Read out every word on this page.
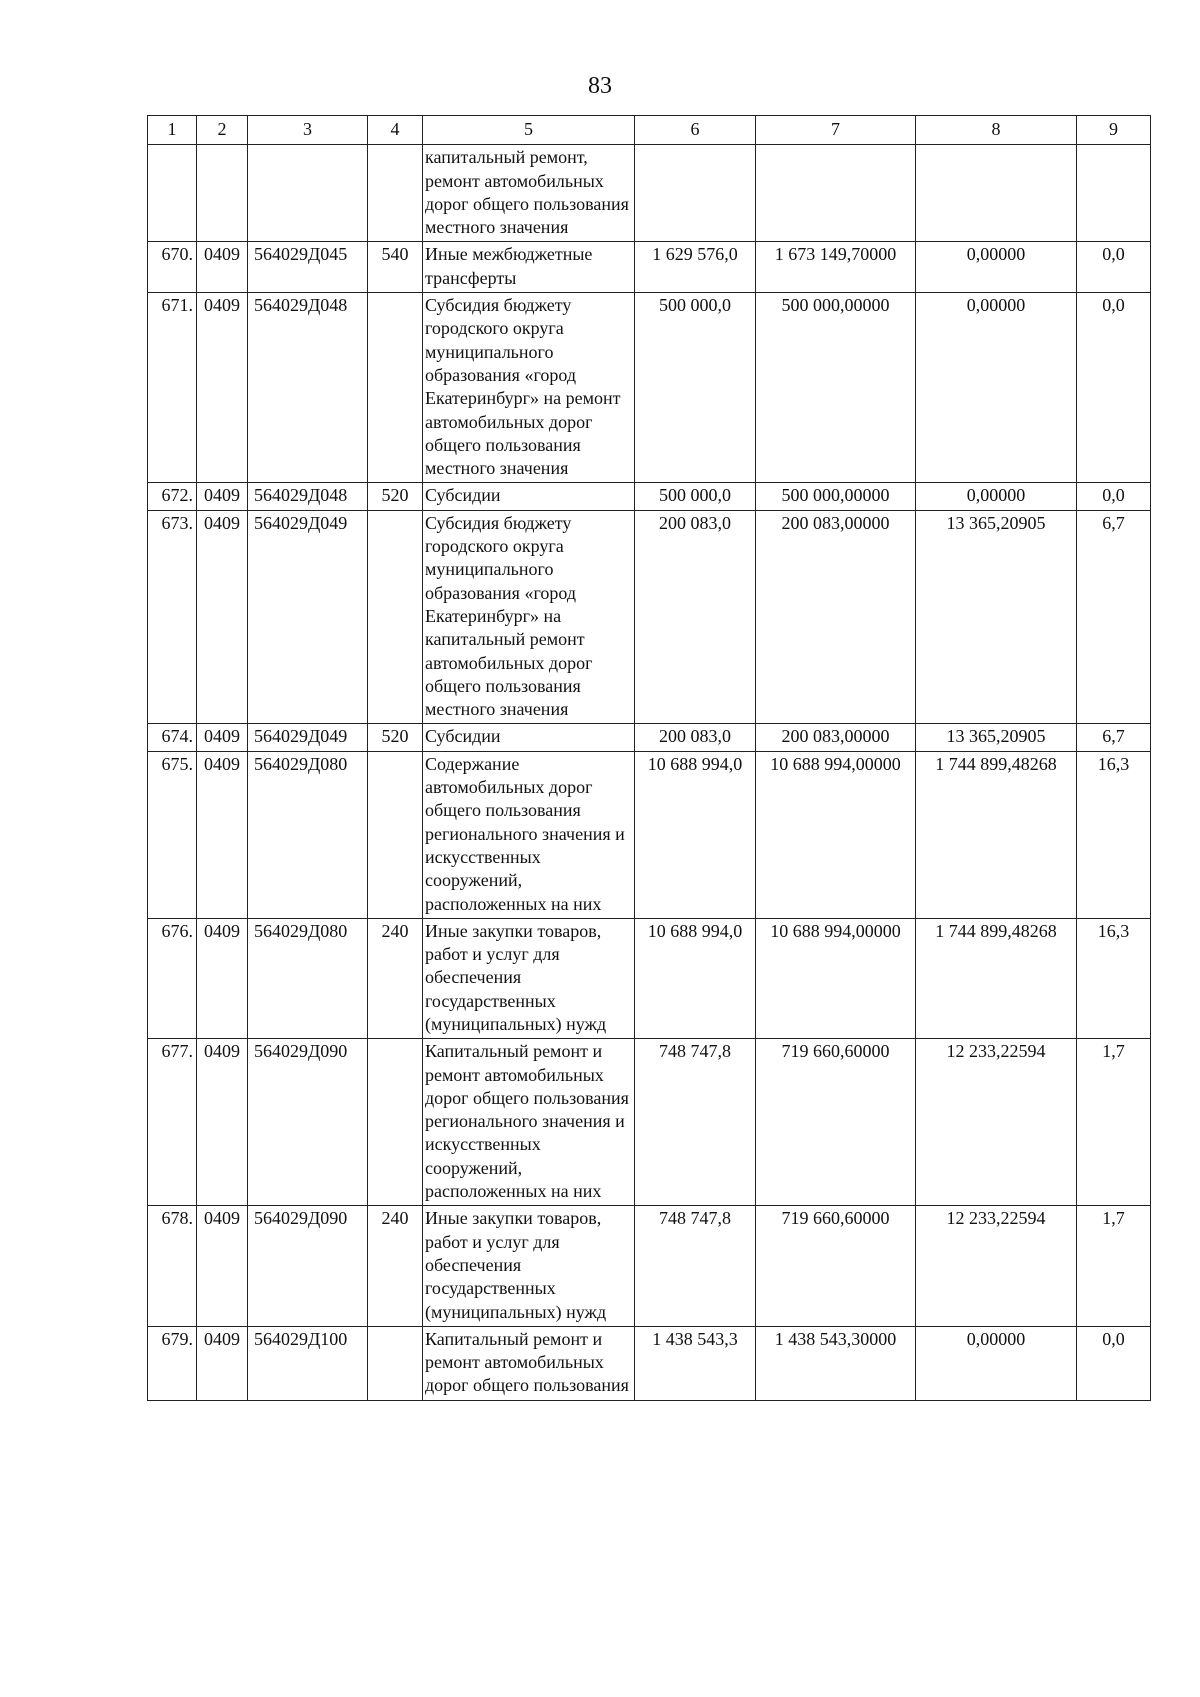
83
1	2	3	4	5	6	7	8	9
				капитальный ремонт, ремонт автомобильных дорог общего пользования местного значения				
670.	0409	564029Д045	540	Иные межбюджетные трансферты	1 629 576,0	1 673 149,70000	0,00000	0,0
671.	0409	564029Д048		Субсидия бюджету городского округа муниципального образования «город Екатеринбург» на ремонт автомобильных дорог общего пользования местного значения	500 000,0	500 000,00000	0,00000	0,0
672.	0409	564029Д048	520	Субсидии	500 000,0	500 000,00000	0,00000	0,0
673.	0409	564029Д049		Субсидия бюджету городского округа муниципального образования «город Екатеринбург» на капитальный ремонт автомобильных дорог общего пользования местного значения	200 083,0	200 083,00000	13 365,20905	6,7
674.	0409	564029Д049	520	Субсидии	200 083,0	200 083,00000	13 365,20905	6,7
675.	0409	564029Д080		Содержание автомобильных дорог общего пользования регионального значения и искусственных сооружений, расположенных на них	10 688 994,0	10 688 994,00000	1 744 899,48268	16,3
676.	0409	564029Д080	240	Иные закупки товаров, работ и услуг для обеспечения государственных (муниципальных) нужд	10 688 994,0	10 688 994,00000	1 744 899,48268	16,3
677.	0409	564029Д090		Капитальный ремонт и ремонт автомобильных дорог общего пользования регионального значения и искусственных сооружений, расположенных на них	748 747,8	719 660,60000	12 233,22594	1,7
678.	0409	564029Д090	240	Иные закупки товаров, работ и услуг для обеспечения государственных (муниципальных) нужд	748 747,8	719 660,60000	12 233,22594	1,7
679.	0409	564029Д100		Капитальный ремонт и ремонт автомобильных дорог общего пользования	1 438 543,3	1 438 543,30000	0,00000	0,0
